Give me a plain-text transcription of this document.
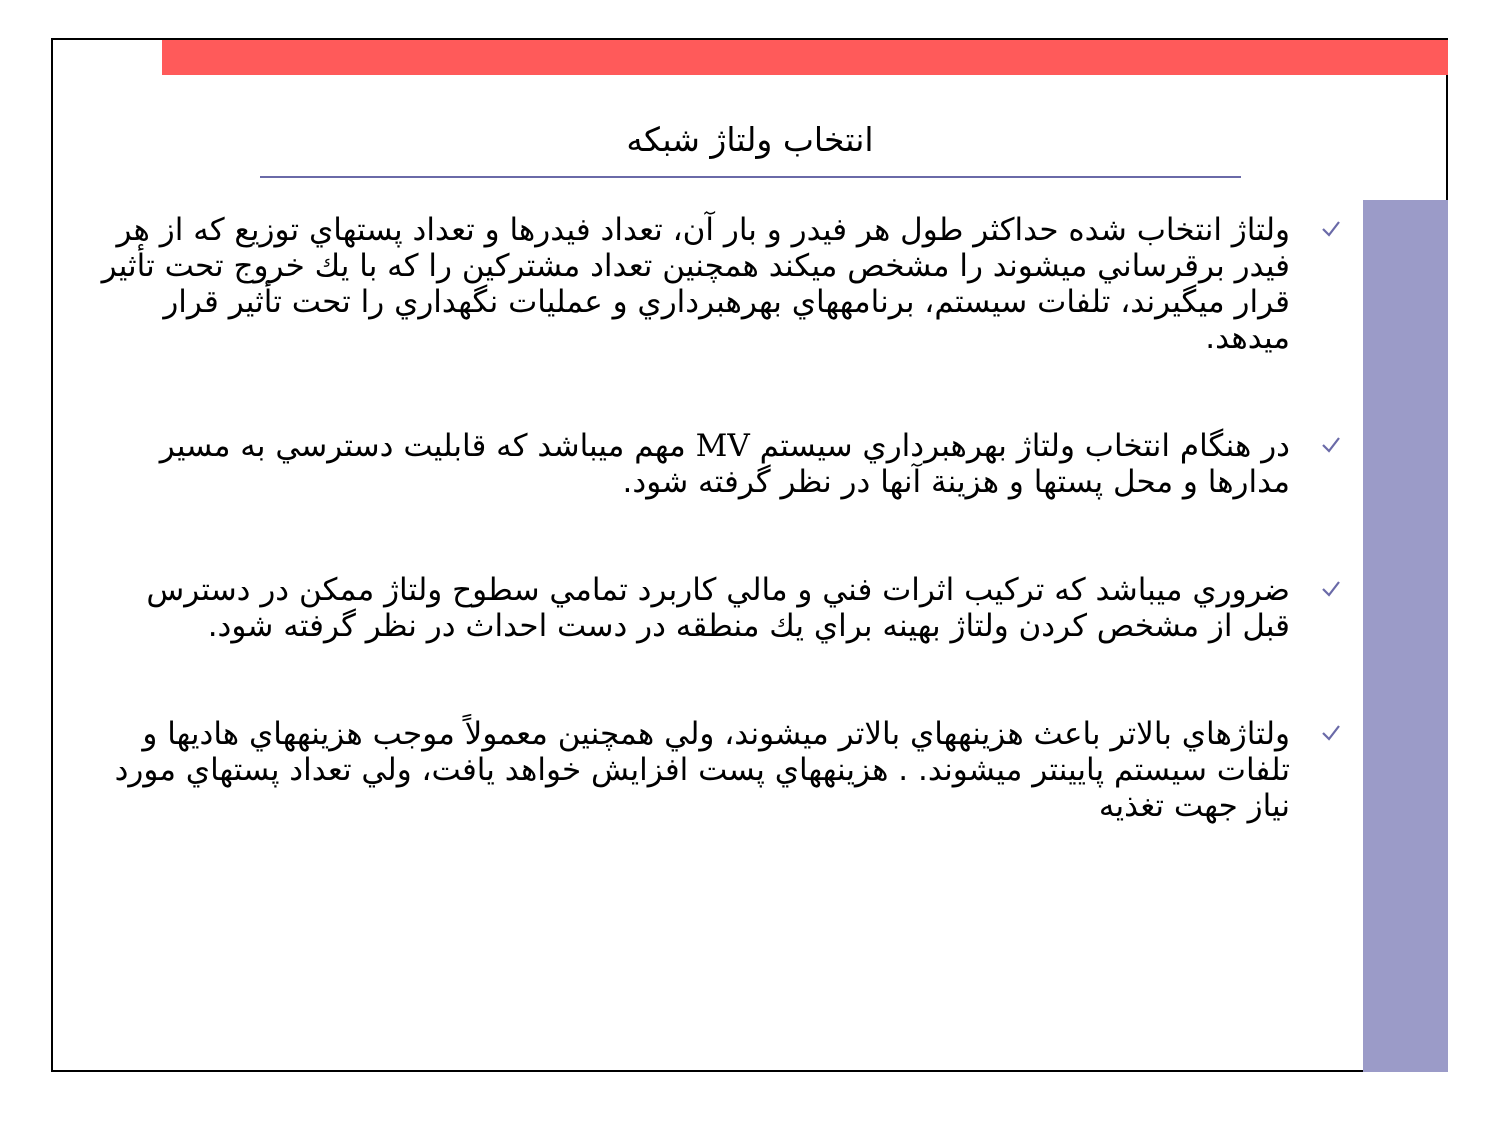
انتخاب ولتاژ شبكه
ولتاژ انتخاب شده حداكثر طول هر فيدر و بار آن، تعداد فيدرها و تعداد پستهاي توزيع كه از هر فيدر برقرساني ميشوند را مشخص ميكند همچنين تعداد مشتركين را كه با يك خروج تحت تأثير قرار ميگيرند، تلفات سيستم، برنامههاي بهرهبرداري و عمليات نگهداري را تحت تأثير قرار ميدهد.
در هنگام انتخاب ولتاژ بهرهبرداري سيستم MV مهم ميباشد كه قابليت دسترسي به مسير مدارها و محل پستها و هزينة آنها در نظر گرفته شود.
ضروري ميباشد كه تركيب اثرات فني و مالي كاربرد تمامي سطوح ولتاژ ممكن در دسترس قبل از مشخص كردن ولتاژ بهينه براي يك منطقه در دست احداث در نظر گرفته شود.
ولتاژهاي بالاتر باعث هزينههاي بالاتر ميشوند، ولي همچنين معمولاً موجب هزينههاي هاديها و تلفات سيستم پايينتر ميشوند. . هزينههاي پست افزايش خواهد يافت، ولي تعداد پستهاي مورد نياز جهت تغذيه
